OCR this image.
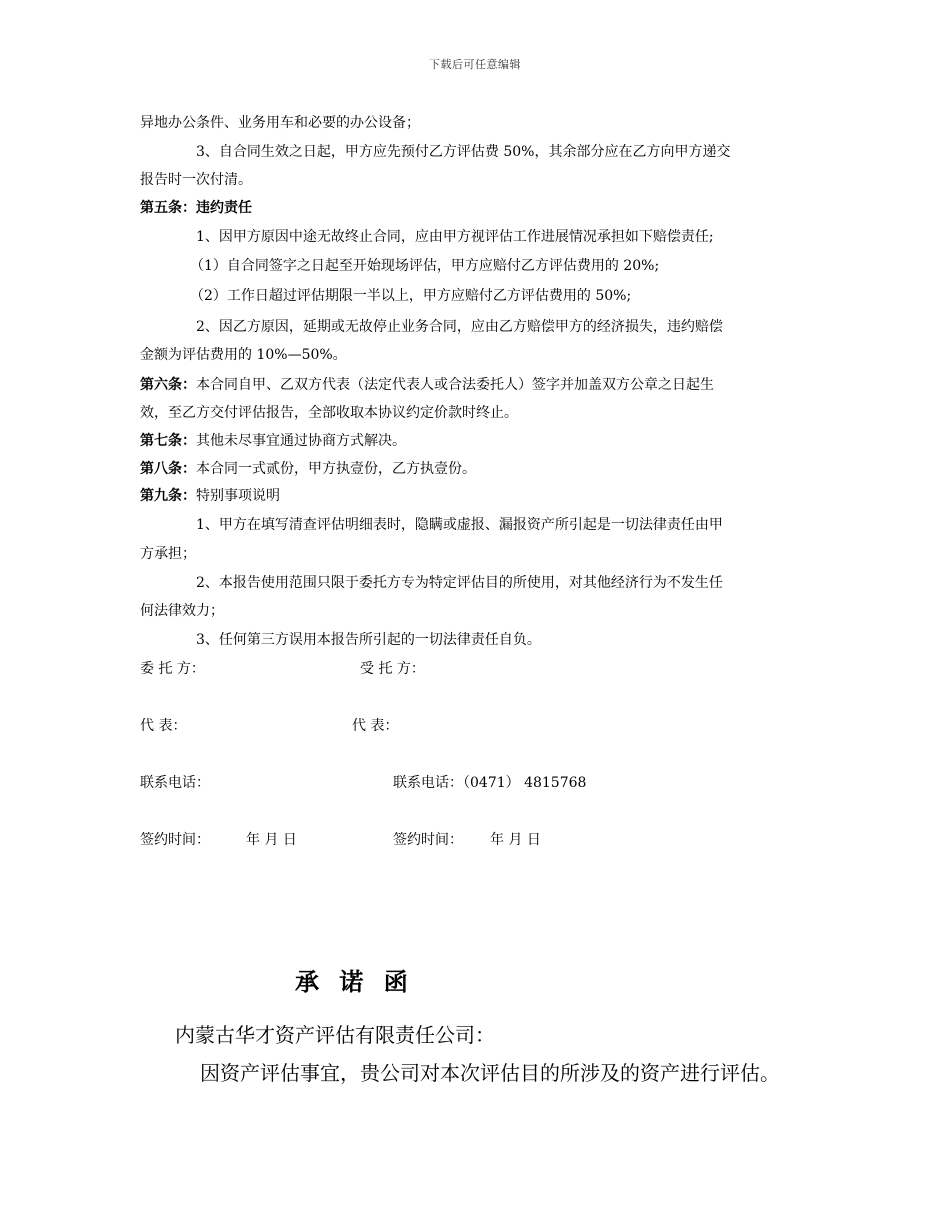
下载后可任意编辑
异地办公条件、业务用车和必要的办公设备；
3、自合同生效之日起，甲方应先预付乙方评估费 50%，其余部分应在乙方向甲方递交
报告时一次付清。
第五条：违约责任
1、因甲方原因中途无故终止合同，应由甲方视评估工作进展情况承担如下赔偿责任;
（1）自合同签字之日起至开始现场评估，甲方应赔付乙方评估费用的 20%;
（2）工作日超过评估期限一半以上，甲方应赔付乙方评估费用的 50%;
2、因乙方原因，延期或无故停止业务合同，应由乙方赔偿甲方的经济损失，违约赔偿
金额为评估费用的 10%—50%。
第六条：本合同自甲、乙双方代表（法定代表人或合法委托人）签字并加盖双方公章之日起生
效，至乙方交付评估报告，全部收取本协议约定价款时终止。
第七条：其他未尽事宜通过协商方式解决。
第八条：本合同一式贰份，甲方执壹份，乙方执壹份。
第九条：特别事项说明
1、甲方在填写清查评估明细表时，隐瞒或虚报、漏报资产所引起是一切法律责任由甲
方承担；
2、本报告使用范围只限于委托方专为特定评估目的所使用，对其他经济行为不发生任
何法律效力；
3、任何第三方误用本报告所引起的一切法律责任自负。
委 托 方：	受 托 方：
代 表：	代 表：
联系电话：	联系电话：（0471） 4815768
签约时间：	年 月 日	签约时间： 年 月 日
承 诺 函
内蒙古华才资产评估有限责任公司：
因资产评估事宜，贵公司对本次评估目的所涉及的资产进行评估。
